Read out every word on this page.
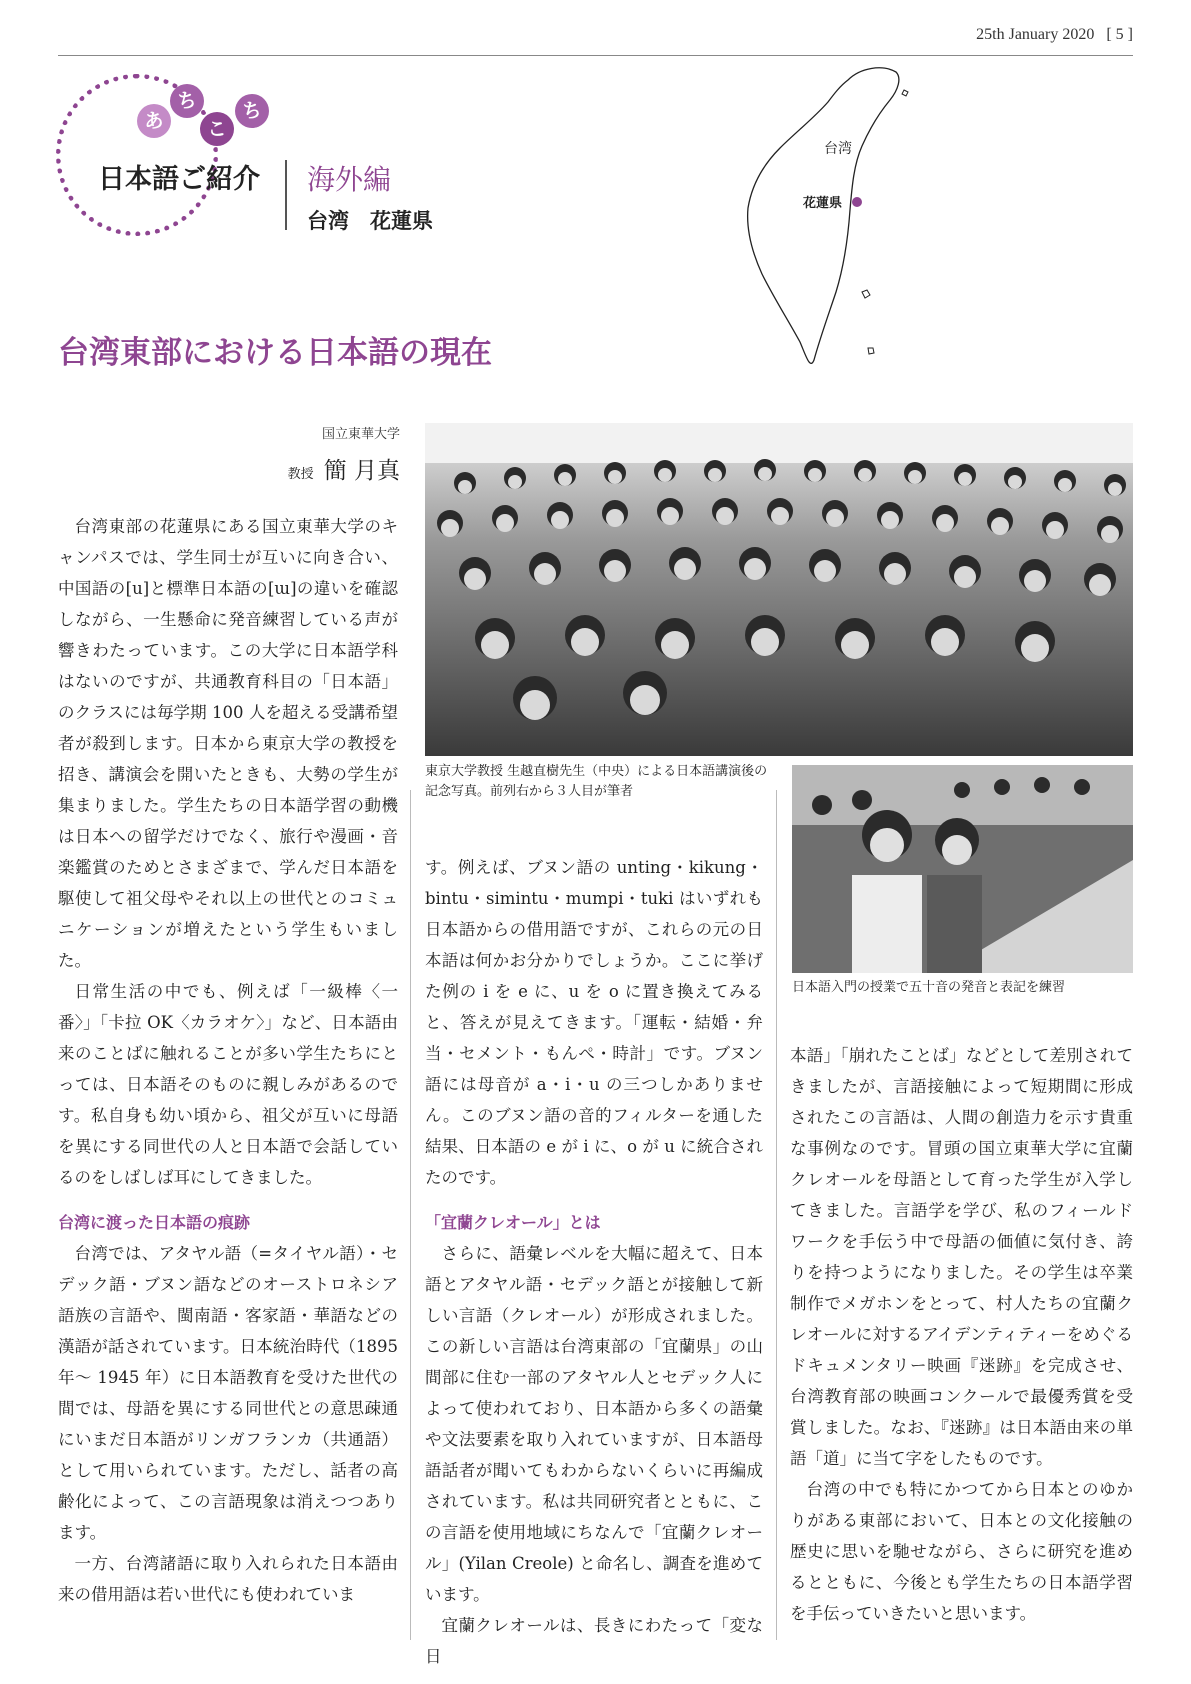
25th January 2020 [ 5 ]
あ
ち
こ
ち
日本語ご紹介 海外編
台湾　花蓮県
台湾
花蓮県
台湾東部における日本語の現在
国立東華大学
教授 簡 月真
東京大学教授 生越直樹先生（中央）による日本語講演後の記念写真。前列右から３人目が筆者
日本語入門の授業で五十音の発音と表記を練習

台湾東部の花蓮県にある国立東華大学のキャンパスでは、学生同士が互いに向き合い、中国語の[u]と標準日本語の[ɯ]の違いを確認しながら、一生懸命に発音練習している声が響きわたっています。この大学に日本語学科はないのですが、共通教育科目の「日本語」のクラスには毎学期 100 人を超える受講希望者が殺到します。日本から東京大学の教授を招き、講演会を開いたときも、大勢の学生が集まりました。学生たちの日本語学習の動機は日本への留学だけでなく、旅行や漫画・音楽鑑賞のためとさまざまで、学んだ日本語を駆使して祖父母やそれ以上の世代とのコミュニケーションが増えたという学生もいました。

日常生活の中でも、例えば「一級棒〈一番〉」「卡拉 OK〈カラオケ〉」など、日本語由来のことばに触れることが多い学生たちにとっては、日本語そのものに親しみがあるのです。私自身も幼い頃から、祖父が互いに母語を異にする同世代の人と日本語で会話しているのをしばしば耳にしてきました。

台湾に渡った日本語の痕跡

台湾では、アタヤル語（=タイヤル語）・セデック語・ブヌン語などのオーストロネシア語族の言語や、閩南語・客家語・華語などの漢語が話されています。日本統治時代（1895 年～ 1945 年）に日本語教育を受けた世代の間では、母語を異にする同世代との意思疎通にいまだ日本語がリンガフランカ（共通語）として用いられています。ただし、話者の高齢化によって、この言語現象は消えつつあります。

一方、台湾諸語に取り入れられた日本語由来の借用語は若い世代にも使われていま

す。例えば、ブヌン語の unting・kikung・bintu・simintu・mumpi・tuki はいずれも日本語からの借用語ですが、これらの元の日本語は何かお分かりでしょうか。ここに挙げた例の i を e に、u を o に置き換えてみると、答えが見えてきます。「運転・結婚・弁当・セメント・もんぺ・時計」です。ブヌン語には母音が a・i・u の三つしかありません。このブヌン語の音的フィルターを通した結果、日本語の e が i に、o が u に統合されたのです。

「宜蘭クレオール」とは

さらに、語彙レベルを大幅に超えて、日本語とアタヤル語・セデック語とが接触して新しい言語（クレオール）が形成されました。この新しい言語は台湾東部の「宜蘭県」の山間部に住む一部のアタヤル人とセデック人によって使われており、日本語から多くの語彙や文法要素を取り入れていますが、日本語母語話者が聞いてもわからないくらいに再編成されています。私は共同研究者とともに、この言語を使用地域にちなんで「宜蘭クレオール」(Yilan Creole) と命名し、調査を進めています。

宜蘭クレオールは、長きにわたって「変な日

本語」「崩れたことば」などとして差別されてきましたが、言語接触によって短期間に形成されたこの言語は、人間の創造力を示す貴重な事例なのです。冒頭の国立東華大学に宜蘭クレオールを母語として育った学生が入学してきました。言語学を学び、私のフィールドワークを手伝う中で母語の価値に気付き、誇りを持つようになりました。その学生は卒業制作でメガホンをとって、村人たちの宜蘭クレオールに対するアイデンティティーをめぐるドキュメンタリー映画『迷跡』を完成させ、台湾教育部の映画コンクールで最優秀賞を受賞しました。なお、『迷跡』は日本語由来の単語「道」に当て字をしたものです。

台湾の中でも特にかつてから日本とのゆかりがある東部において、日本との文化接触の歴史に思いを馳せながら、さらに研究を進めるとともに、今後とも学生たちの日本語学習を手伝っていきたいと思います。
